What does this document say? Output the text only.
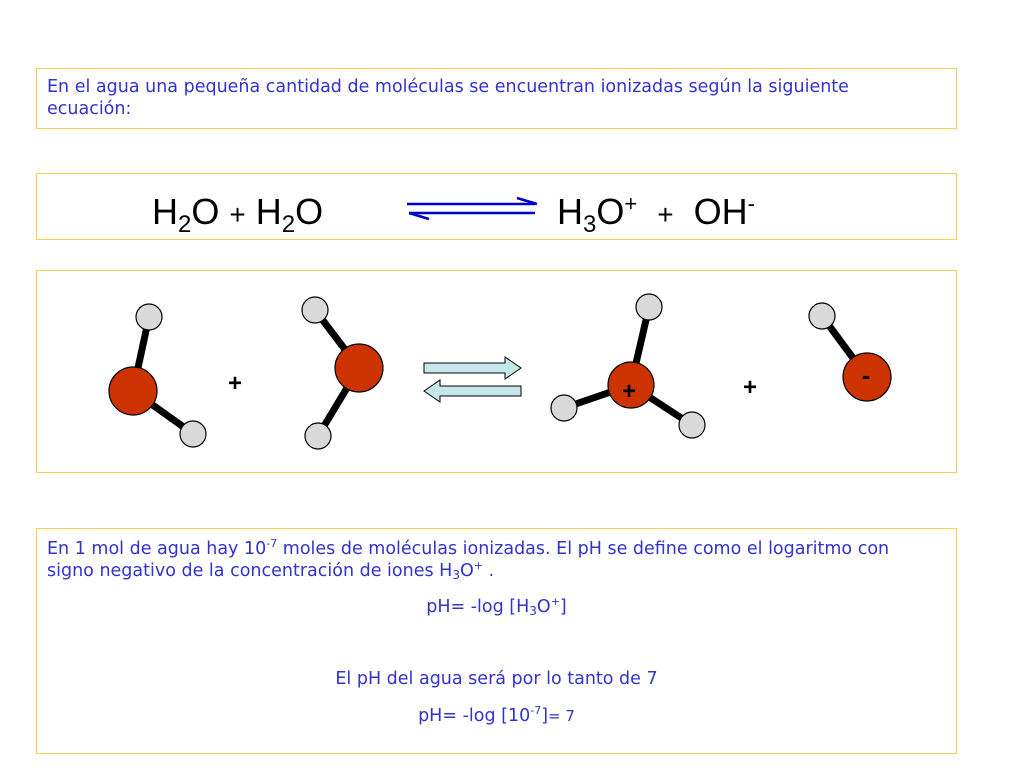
En el agua una pequeña cantidad de moléculas se encuentran ionizadas según la siguiente ecuación:

$H_2O + H_2O$	$H_3O^+ + OH^-$
+	+	+	-

En 1 mol de agua hay $10^{-7}$ moles de moléculas ionizadas. El pH se define como el logaritmo con signo negativo de la concentración de iones $H_3O^+$ .

pH= -log $[H_3O^+]$

El pH del agua será por lo tanto de 7

pH= -log $[10^{-7}]= 7$
